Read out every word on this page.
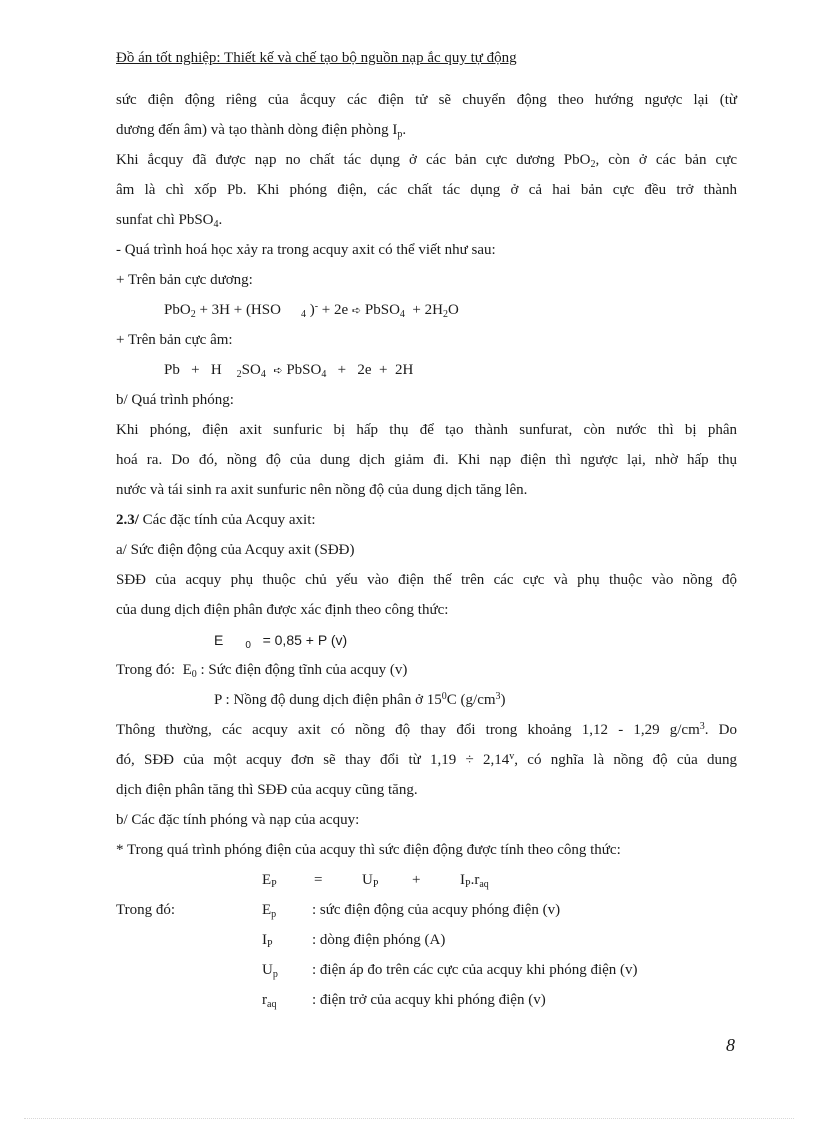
Đồ án tốt nghiệp: Thiết kế và chế tạo bộ nguồn nạp ắc quy tự động
sức điện động riêng của ắcquy các điện tử sẽ chuyển động theo hướng ngược lại (từ
dương đến âm) và tạo thành dòng điện phòng $I_p$.
Khi ắcquy đã được nạp no chất tác dụng ở các bản cực dương PbO$_2$, còn ở các bản cực
âm là chì xốp Pb. Khi phóng điện, các chất tác dụng ở cả hai bản cực đều trở thành
sunfat chì PbSO$_4$.
- Quá trình hoá học xảy ra trong acquy axit có thể viết như sau:
+ Trên bản cực dương:
PbO$_2$ + 3H + (HSO $_4$ )- + 2e ➪ PbSO$_4$ + $2H_2O$
+ Trên bản cực âm:
Pb + H $_2SO_4$ ➪ PbSO$_4$ + 2e + 2H
b/ Quá trình phóng:
Khi phóng, điện axit sunfuric bị hấp thụ để tạo thành sunfurat, còn nước thì bị phân
hoá ra. Do đó, nồng độ của dung dịch giảm đi. Khi nạp điện thì ngược lại, nhờ hấp thụ
nước và tái sinh ra axit sunfuric nên nồng độ của dung dịch tăng lên.
2.3/ Các đặc tính của Acquy axit:
a/ Sức điện động của Acquy axit (SĐĐ)
SĐĐ của acquy phụ thuộc chủ yếu vào điện thế trên các cực và phụ thuộc vào nồng độ
của dung dịch điện phân được xác định theo công thức:
E $_0$ = 0,85 + P (v)
Trong đó: $E_0$ : Sức điện động tĩnh của acquy (v)
P : Nồng độ dung dịch điện phân ở $15^0C$ $(g/cm^3)$
Thông thường, các acquy axit có nồng độ thay đổi trong khoảng 1,12 - 1,29 $g/cm^3$. Do
đó, SĐĐ của một acquy đơn sẽ thay đổi từ $1,19 \div 2,14^v$, có nghĩa là nồng độ của dung
dịch điện phân tăng thì SĐĐ của acquy cũng tăng.
b/ Các đặc tính phóng và nạp của acquy:
* Trong quá trình phóng điện của acquy thì sức điện động được tính theo công thức:
$E_P$ =	$U_P$ +	$I_P.r_{aq}$
Trong đó:	$E_p$ : sức điện động của acquy phóng điện (v)
$I_P$	: dòng điện phóng (A)
$U_p$ : điện áp đo trên các cực của acquy khi phóng điện (v)
$r_{aq}$ : điện trở của acquy khi phóng điện (v)
8
